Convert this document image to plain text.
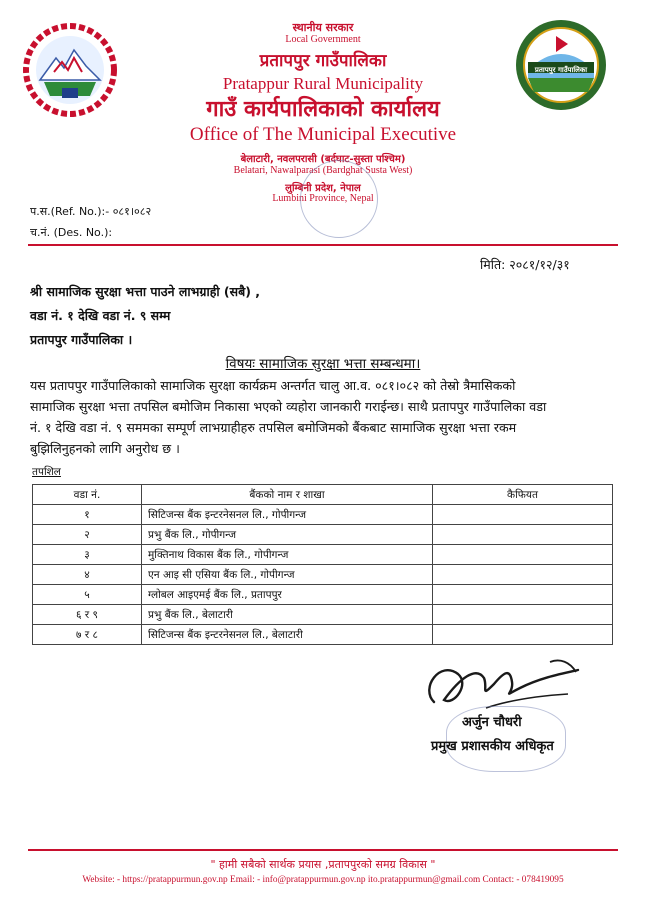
स्थानीय सरकार
Local Government
प्रतापपुर गाउँपालिका
Pratappur Rural Municipality
गाउँ कार्यपालिकाको कार्यालय
Office of The Municipal Executive
बेलाटारी, नवलपरासी (बर्दघाट-सुस्ता पश्चिम)
Belatari, Nawalparasi (Bardghat Susta West)
लुम्बिनी प्रदेश, नेपाल
Lumbini Province, Nepal
प्रतापपुर गाउँपालिका
प.स.(Ref. No.):- ०८१।०८२
च.नं. (Des. No.):
मिति: २०८१/१२/३१
श्री सामाजिक सुरक्षा भत्ता पाउने लाभग्राही (सबै) ,
वडा नं. १ देखि वडा नं. ९ सम्म
प्रतापपुर गाउँपालिका ।
विषयः सामाजिक सुरक्षा भत्ता सम्बन्धमा।
यस प्रतापपुर गाउँपालिकाको सामाजिक सुरक्षा कार्यक्रम अन्तर्गत चालु आ.व. ०८१।०८२ को तेस्रो त्रैमासिकको
सामाजिक सुरक्षा भत्ता तपसिल बमोजिम निकासा भएको व्यहोरा जानकारी गराईन्छ। साथै प्रतापपुर गाउँपालिका वडा
नं. १ देखि वडा नं. ९ सममका सम्पूर्ण लाभग्राहीहरु तपसिल बमोजिमको बैंकबाट सामाजिक सुरक्षा भत्ता रकम
बुझिलिनुहनको लागि अनुरोध छ ।
तपशिल
वडा नं.	बैंकको नाम र शाखा	कैफियत
१	सिटिजन्स बैंक इन्टरनेसनल लि., गोपीगन्ज	
२	प्रभु बैंक लि., गोपीगन्ज	
३	मुक्तिनाथ विकास बैंक लि., गोपीगन्ज	
४	एन आइ सी एसिया बैंक लि., गोपीगन्ज	
५	ग्लोबल आइएमई बैंक लि., प्रतापपुर	
६ र ९	प्रभु बैंक लि., बेलाटारी	
७ र ८	सिटिजन्स बैंक इन्टरनेसनल लि., बेलाटारी	
अर्जुन चौधरी
प्रमुख प्रशासकीय अधिकृत
" हामी सबैको सार्थक प्रयास ,प्रतापपुरको समग्र विकास "
Website: - https://pratappurmun.gov.np Email: - info@pratappurmun.gov.np ito.pratappurmun@gmail.com Contact: - 078419095
